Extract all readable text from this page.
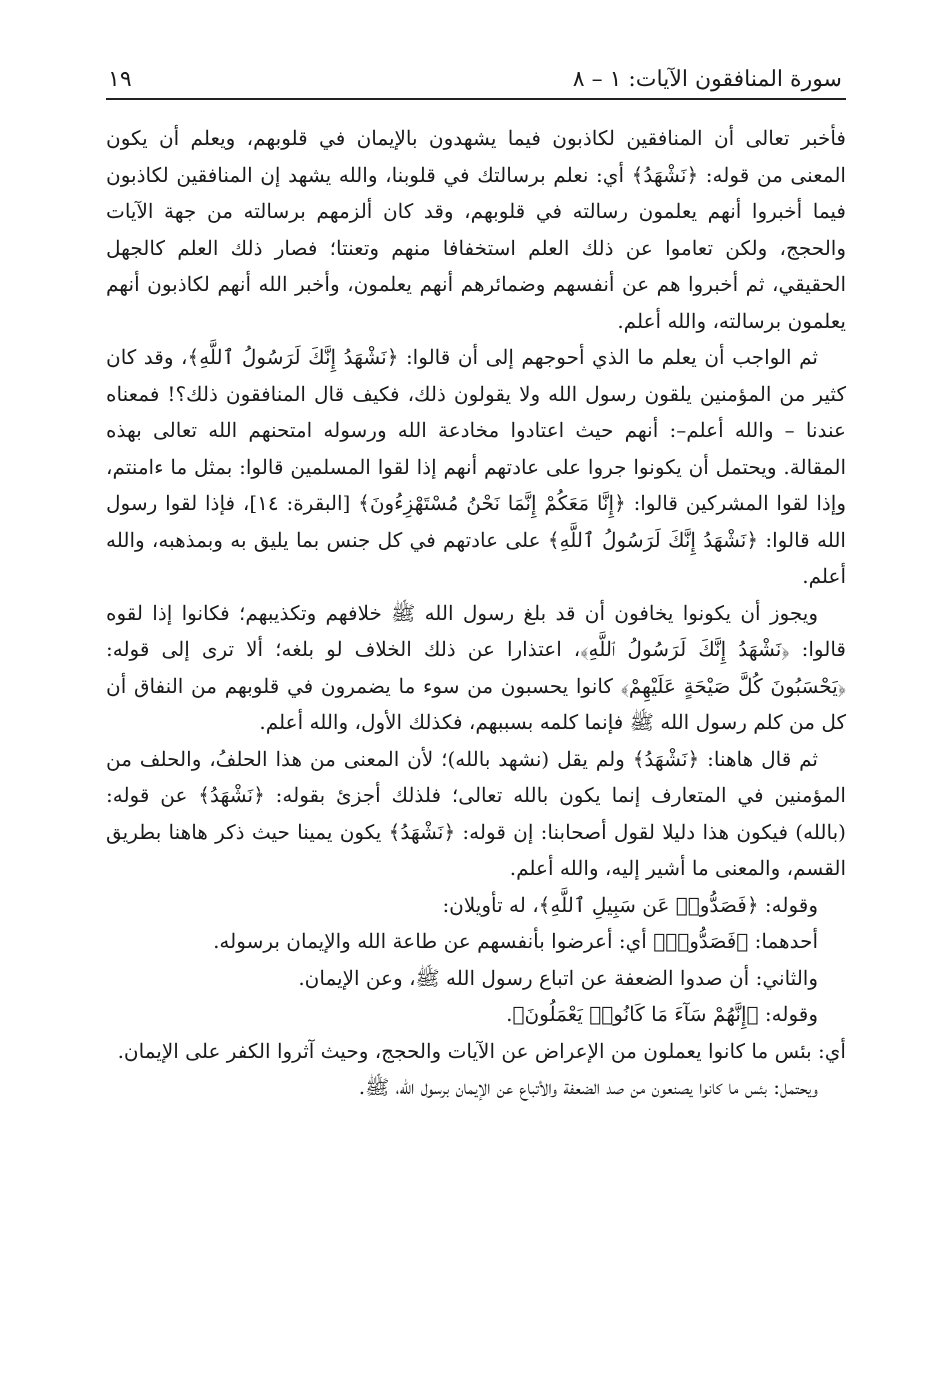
سورة المنافقون الآيات: ١ – ٨
١٩

فأخبر تعالى أن المنافقين لكاذبون فيما يشهدون بالإيمان في قلوبهم، ويعلم أن يكون المعنى من قوله: ﴿نَشْهَدُ﴾ أي: نعلم برسالتك في قلوبنا، والله يشهد إن المنافقين لكاذبون فيما أخبروا أنهم يعلمون رسالته في قلوبهم، وقد كان ألزمهم برسالته من جهة الآيات والحجج، ولكن تعاموا عن ذلك العلم استخفافا منهم وتعنتا؛ فصار ذلك العلم كالجهل الحقيقي، ثم أخبروا هم عن أنفسهم وضمائرهم أنهم يعلمون، وأخبر الله أنهم لكاذبون أنهم يعلمون برسالته، والله أعلم.

ثم الواجب أن يعلم ما الذي أحوجهم إلى أن قالوا: ﴿نَشْهَدُ إِنَّكَ لَرَسُولُ ٱللَّهِ﴾، وقد كان كثير من المؤمنين يلقون رسول الله ولا يقولون ذلك، فكيف قال المنافقون ذلك؟! فمعناه عندنا – والله أعلم–: أنهم حيث اعتادوا مخادعة الله ورسوله امتحنهم الله تعالى بهذه المقالة. ويحتمل أن يكونوا جروا على عادتهم أنهم إذا لقوا المسلمين قالوا: بمثل ما ءامنتم، وإذا لقوا المشركين قالوا: ﴿إِنَّا مَعَكُمْ إِنَّمَا نَحْنُ مُسْتَهْزِءُونَ﴾ [البقرة: ١٤]، فإذا لقوا رسول الله قالوا: ﴿نَشْهَدُ إِنَّكَ لَرَسُولُ ٱللَّهِ﴾ على عادتهم في كل جنس بما يليق به وبمذهبه، والله أعلم.

ويجوز أن يكونوا يخافون أن قد بلغ رسول الله ﷺ خلافهم وتكذيبهم؛ فكانوا إذا لقوه قالوا: ﴿نَشْهَدُ إِنَّكَ لَرَسُولُ ٱللَّهِ﴾، اعتذارا عن ذلك الخلاف لو بلغه؛ ألا ترى إلى قوله: ﴿يَحْسَبُونَ كُلَّ صَيْحَةٍ عَلَيْهِمْ﴾ كانوا يحسبون من سوء ما يضمرون في قلوبهم من النفاق أن كل من كلم رسول الله ﷺ فإنما كلمه بسببهم، فكذلك الأول، والله أعلم.

ثم قال هاهنا: ﴿نَشْهَدُ﴾ ولم يقل (نشهد بالله)؛ لأن المعنى من هذا الحلفُ، والحلف من المؤمنين في المتعارف إنما يكون بالله تعالى؛ فلذلك أجزئ بقوله: ﴿نَشْهَدُ﴾ عن قوله: (بالله) فيكون هذا دليلا لقول أصحابنا: إن قوله: ﴿نَشْهَدُ﴾ يكون يمينا حيث ذكر هاهنا بطريق القسم، والمعنى ما أشير إليه، والله أعلم.

وقوله: ﴿فَصَدُّوا۟ عَن سَبِيلِ ٱللَّهِ﴾، له تأويلان:

أحدهما: ﴿فَصَدُّوا۟﴾ أي: أعرضوا بأنفسهم عن طاعة الله والإيمان برسوله.

والثاني: أن صدوا الضعفة عن اتباع رسول الله ﷺ، وعن الإيمان.

وقوله: ﴿إِنَّهُمْ سَآءَ مَا كَانُوا۟ يَعْمَلُونَ﴾.

أي: بئس ما كانوا يعملون من الإعراض عن الآيات والحجج، وحيث آثروا الكفر على الإيمان.

ويحتمل: بئس ما كانوا يصنعون من صد الضعفة والأتباع عن الإيمان برسول الله، ﷺ.
